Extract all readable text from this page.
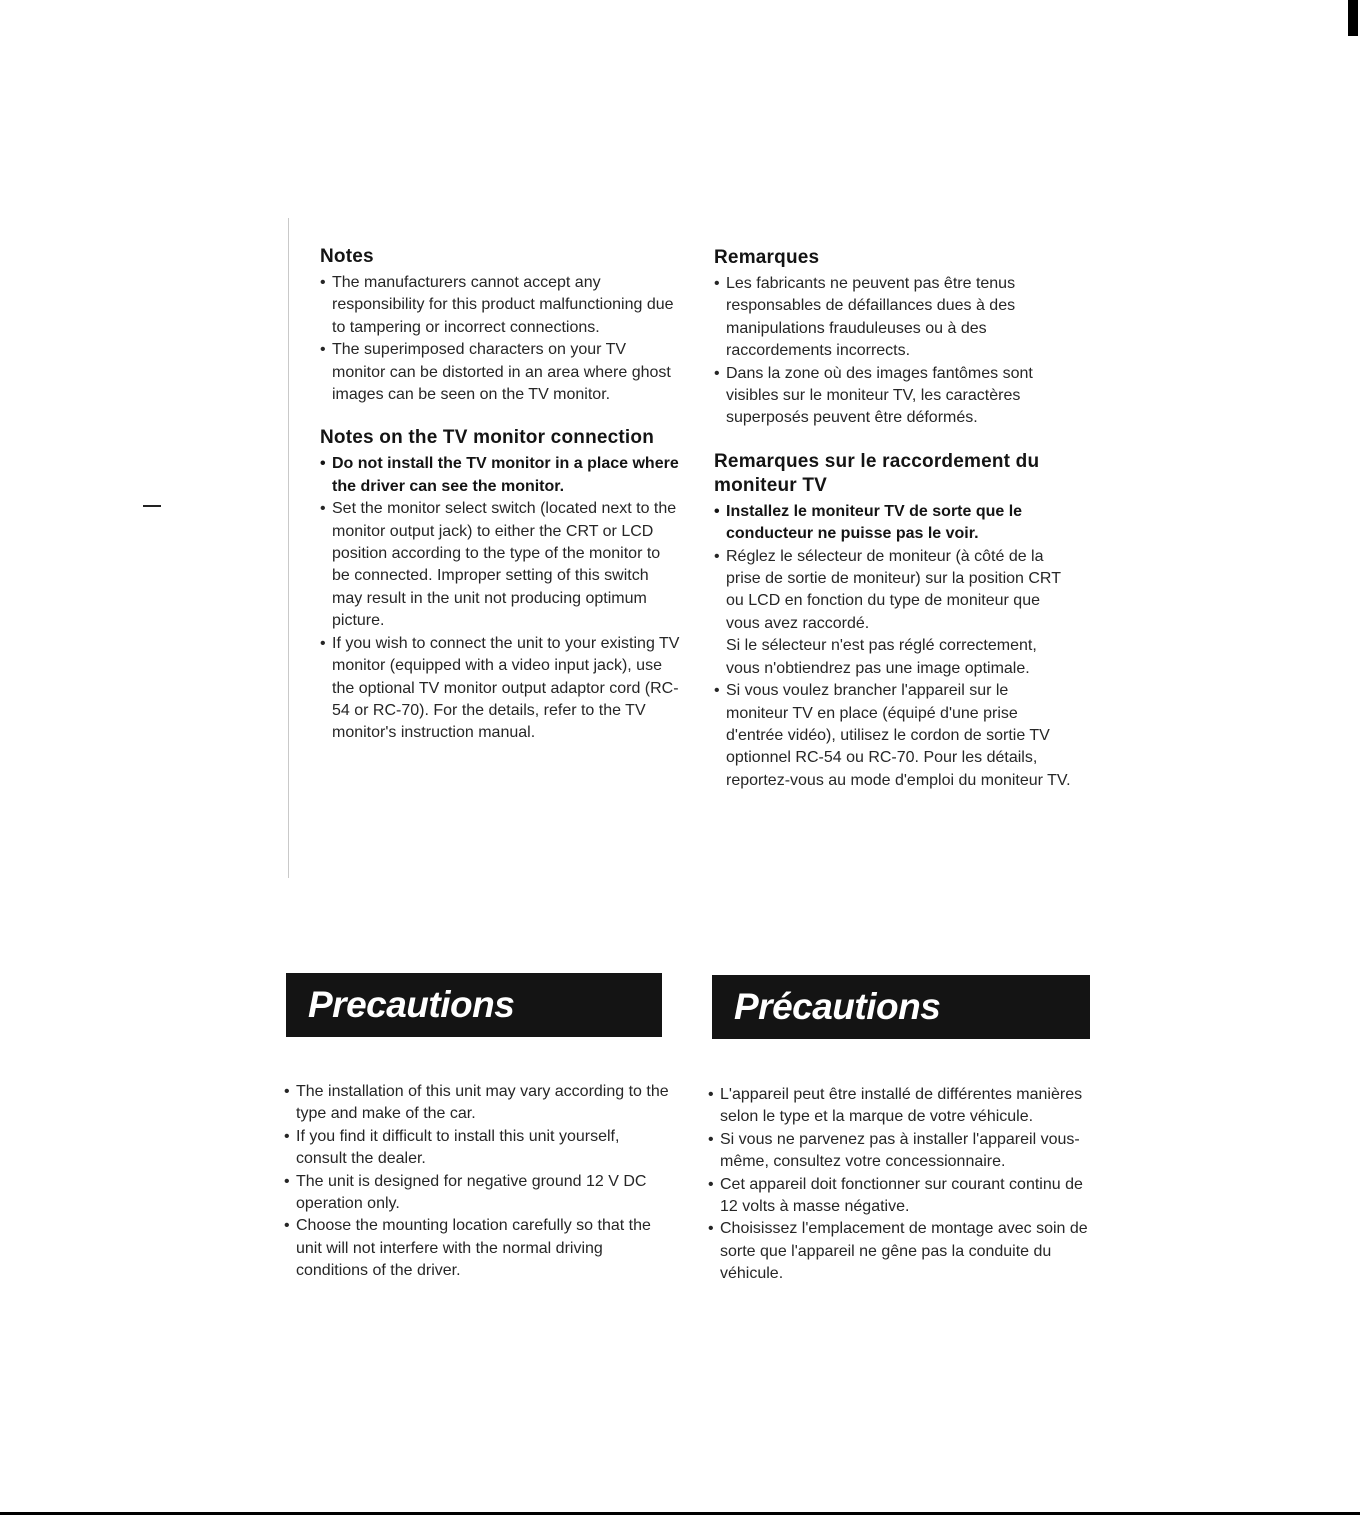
Notes
• The manufacturers cannot accept any responsibility for this product malfunctioning due to tampering or incorrect connections.
• The superimposed characters on your TV monitor can be distorted in an area where ghost images can be seen on the TV monitor.
Notes on the TV monitor connection
• Do not install the TV monitor in a place where the driver can see the monitor.
• Set the monitor select switch (located next to the monitor output jack) to either the CRT or LCD position according to the type of the monitor to be connected. Improper setting of this switch may result in the unit not producing optimum picture.
• If you wish to connect the unit to your existing TV monitor (equipped with a video input jack), use the optional TV monitor output adaptor cord (RC-54 or RC-70). For the details, refer to the TV monitor's instruction manual.
Remarques
• Les fabricants ne peuvent pas être tenus responsables de défaillances dues à des manipulations frauduleuses ou à des raccordements incorrects.
• Dans la zone où des images fantômes sont visibles sur le moniteur TV, les caractères superposés peuvent être déformés.
Remarques sur le raccordement du moniteur TV
• Installez le moniteur TV de sorte que le conducteur ne puisse pas le voir.
• Réglez le sélecteur de moniteur (à côté de la prise de sortie de moniteur) sur la position CRT ou LCD en fonction du type de moniteur que vous avez raccordé.
Si le sélecteur n'est pas réglé correctement, vous n'obtiendrez pas une image optimale.
• Si vous voulez brancher l'appareil sur le moniteur TV en place (équipé d'une prise d'entrée vidéo), utilisez le cordon de sortie TV optionnel RC-54 ou RC-70. Pour les détails, reportez-vous au mode d'emploi du moniteur TV.
Precautions	Précautions
• The installation of this unit may vary according to the type and make of the car.
• If you find it difficult to install this unit yourself, consult the dealer.
• The unit is designed for negative ground 12 V DC operation only.
• Choose the mounting location carefully so that the unit will not interfere with the normal driving conditions of the driver.
• L'appareil peut être installé de différentes manières selon le type et la marque de votre véhicule.
• Si vous ne parvenez pas à installer l'appareil vous-même, consultez votre concessionnaire.
• Cet appareil doit fonctionner sur courant continu de 12 volts à masse négative.
• Choisissez l'emplacement de montage avec soin de sorte que l'appareil ne gêne pas la conduite du véhicule.
